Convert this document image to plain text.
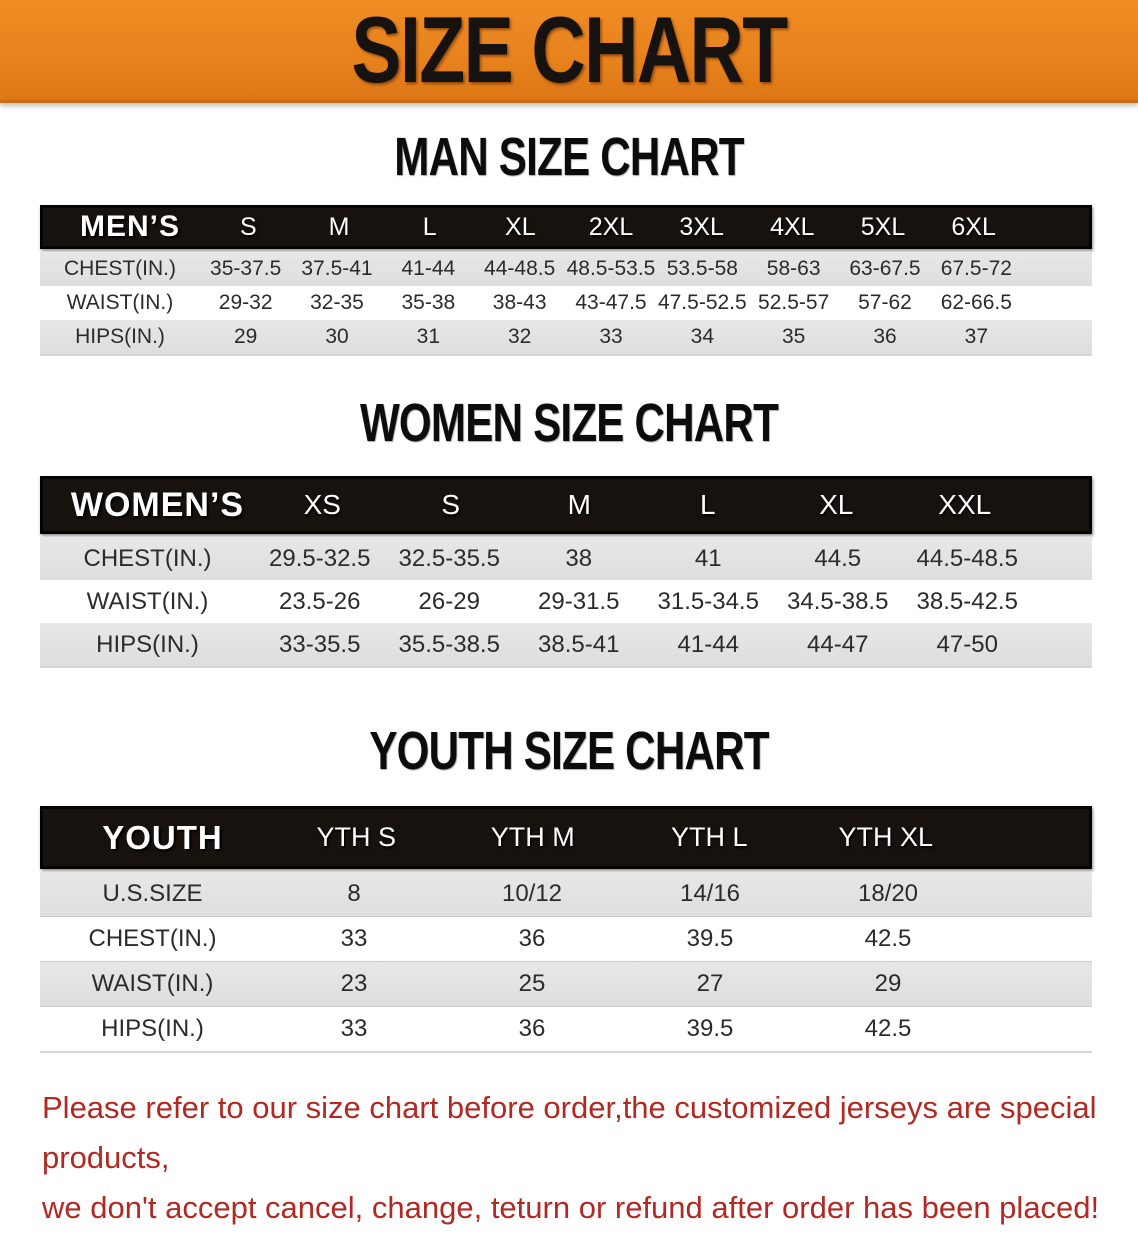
SIZE CHART
MAN SIZE CHART
MEN’S	S	M	L	XL	2XL	3XL	4XL	5XL	6XL
CHEST(IN.)	35-37.5 37.5-41	41-44	44-48.5 48.5-53.5 53.5-58	58-63	63-67.5 67.5-72
WAIST(IN.)	29-32	32-35	35-38	38-43	43-47.5 47.5-52.5 52.5-57	57-62	62-66.5
HIPS(IN.)	29	30	31	32	33	34	35	36	37
WOMEN SIZE CHART
WOMEN’S	XS	S	M	L	XL	XXL
CHEST(IN.)	29.5-32.5	32.5-35.5	38	41	44.5	44.5-48.5
WAIST(IN.)	23.5-26	26-29	29-31.5	31.5-34.5	34.5-38.5	38.5-42.5
HIPS(IN.)	33-35.5	35.5-38.5	38.5-41	41-44	44-47	47-50
YOUTH SIZE CHART
YOUTH	YTH S	YTH M	YTH L	YTH XL
U.S.SIZE	8	10/12	14/16	18/20
CHEST(IN.)	33	36	39.5	42.5
WAIST(IN.)	23	25	27	29
HIPS(IN.)	33	36	39.5	42.5
Please refer to our size chart before order,the customized jerseys are special products,
we don't accept cancel, change, teturn or refund after order has been placed!
